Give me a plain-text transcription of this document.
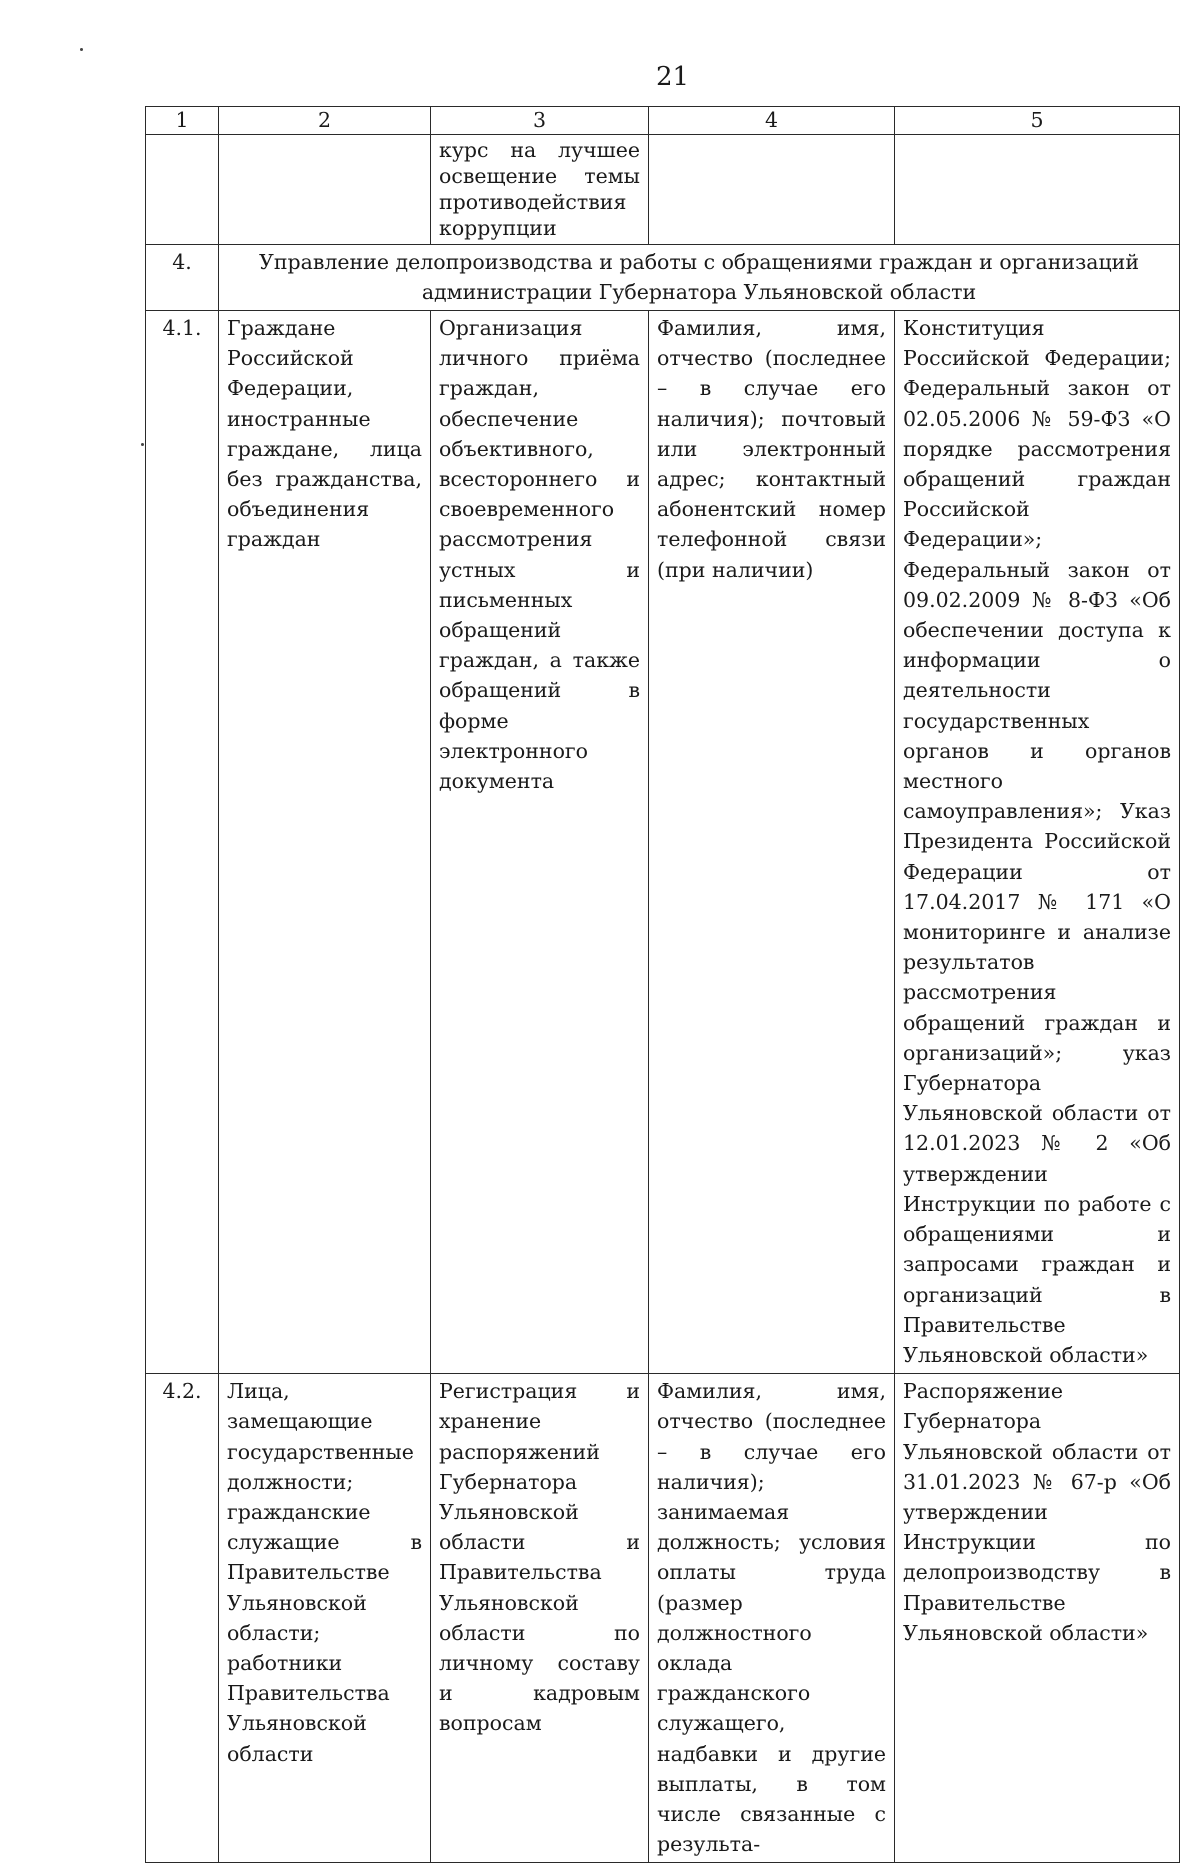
21
1	2	3	4	5
		курс на лучшее освещение темы противодействия коррупции		
4.	Управление делопроизводства и работы с обращениями граждан и организаций администрации Губернатора Ульяновской области			
4.1.	Граждане Российской Федерации, иностранные граждане, лица без гражданства, объединения граждан	Организация личного приёма граждан, обеспечение объективного, всестороннего и своевременного рассмотрения устных и письменных обращений граждан, а также обращений в форме электронного документа	Фамилия, имя, отчество (последнее – в случае его наличия); почтовый или электронный адрес; контактный абонентский номер телефонной связи (при наличии)	Конституция Российской Федерации; Федеральный закон от 02.05.2006 № 59-ФЗ «О порядке рассмотрения обращений граждан Российской Федерации»; Федеральный закон от 09.02.2009 № 8-ФЗ «Об обеспечении доступа к информации о деятельности государственных органов и органов местного самоуправления»; Указ Президента Российской Федерации от 17.04.2017 № 171 «О мониторинге и анализе результатов рассмотрения обращений граждан и организаций»; указ Губернатора Ульяновской области от 12.01.2023 № 2 «Об утверждении Инструкции по работе с обращениями и запросами граждан и организаций в Правительстве Ульяновской области»
4.2.	Лица, замещающие государственные должности; гражданские служащие в Правительстве Ульяновской области; работники Правительства Ульяновской области	Регистрация и хранение распоряжений Губернатора Ульяновской области и Правительства Ульяновской области по личному составу и кадровым вопросам	Фамилия, имя, отчество (последнее – в случае его наличия); занимаемая должность; условия оплаты труда (размер должностного оклада гражданского служащего, надбавки и другие выплаты, в том числе связанные с результа-	Распоряжение Губернатора Ульяновской области от 31.01.2023 № 67-р «Об утверждении Инструкции по делопроизводству в Правительстве Ульяновской области»
